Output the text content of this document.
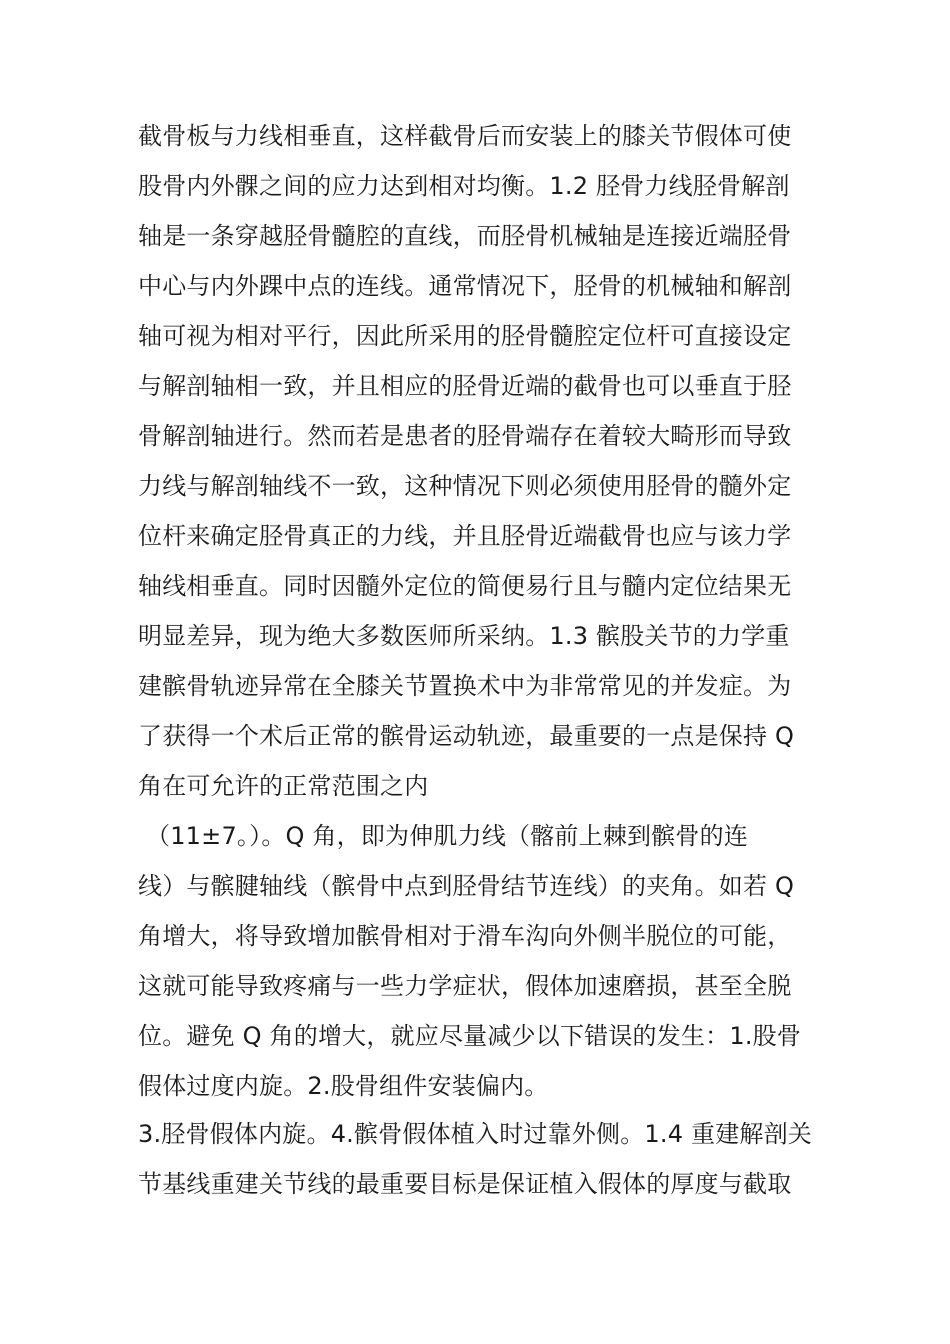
截骨板与力线相垂直，这样截骨后而安装上的膝关节假体可使
股骨内外髁之间的应力达到相对均衡。1.2 胫骨力线胫骨解剖
轴是一条穿越胫骨髓腔的直线，而胫骨机械轴是连接近端胫骨
中心与内外踝中点的连线。通常情况下，胫骨的机械轴和解剖
轴可视为相对平行，因此所采用的胫骨髓腔定位杆可直接设定
与解剖轴相一致，并且相应的胫骨近端的截骨也可以垂直于胫
骨解剖轴进行。然而若是患者的胫骨端存在着较大畸形而导致
力线与解剖轴线不一致，这种情况下则必须使用胫骨的髓外定
位杆来确定胫骨真正的力线，并且胫骨近端截骨也应与该力学
轴线相垂直。同时因髓外定位的简便易行且与髓内定位结果无
明显差异，现为绝大多数医师所采纳。1.3 髌股关节的力学重
建髌骨轨迹异常在全膝关节置换术中为非常常见的并发症。为
了获得一个术后正常的髌骨运动轨迹，最重要的一点是保持 Q
角在可允许的正常范围之内
（11±7。）。Q 角，即为伸肌力线（髂前上棘到髌骨的连
线）与髌腱轴线（髌骨中点到胫骨结节连线）的夹角。如若 Q
角增大，将导致增加髌骨相对于滑车沟向外侧半脱位的可能，
这就可能导致疼痛与一些力学症状，假体加速磨损，甚至全脱
位。避免 Q 角的增大，就应尽量减少以下错误的发生：1.股骨
假体过度内旋。2.股骨组件安装偏内。
3.胫骨假体内旋。4.髌骨假体植入时过靠外侧。1.4 重建解剖关
节基线重建关节线的最重要目标是保证植入假体的厚度与截取
